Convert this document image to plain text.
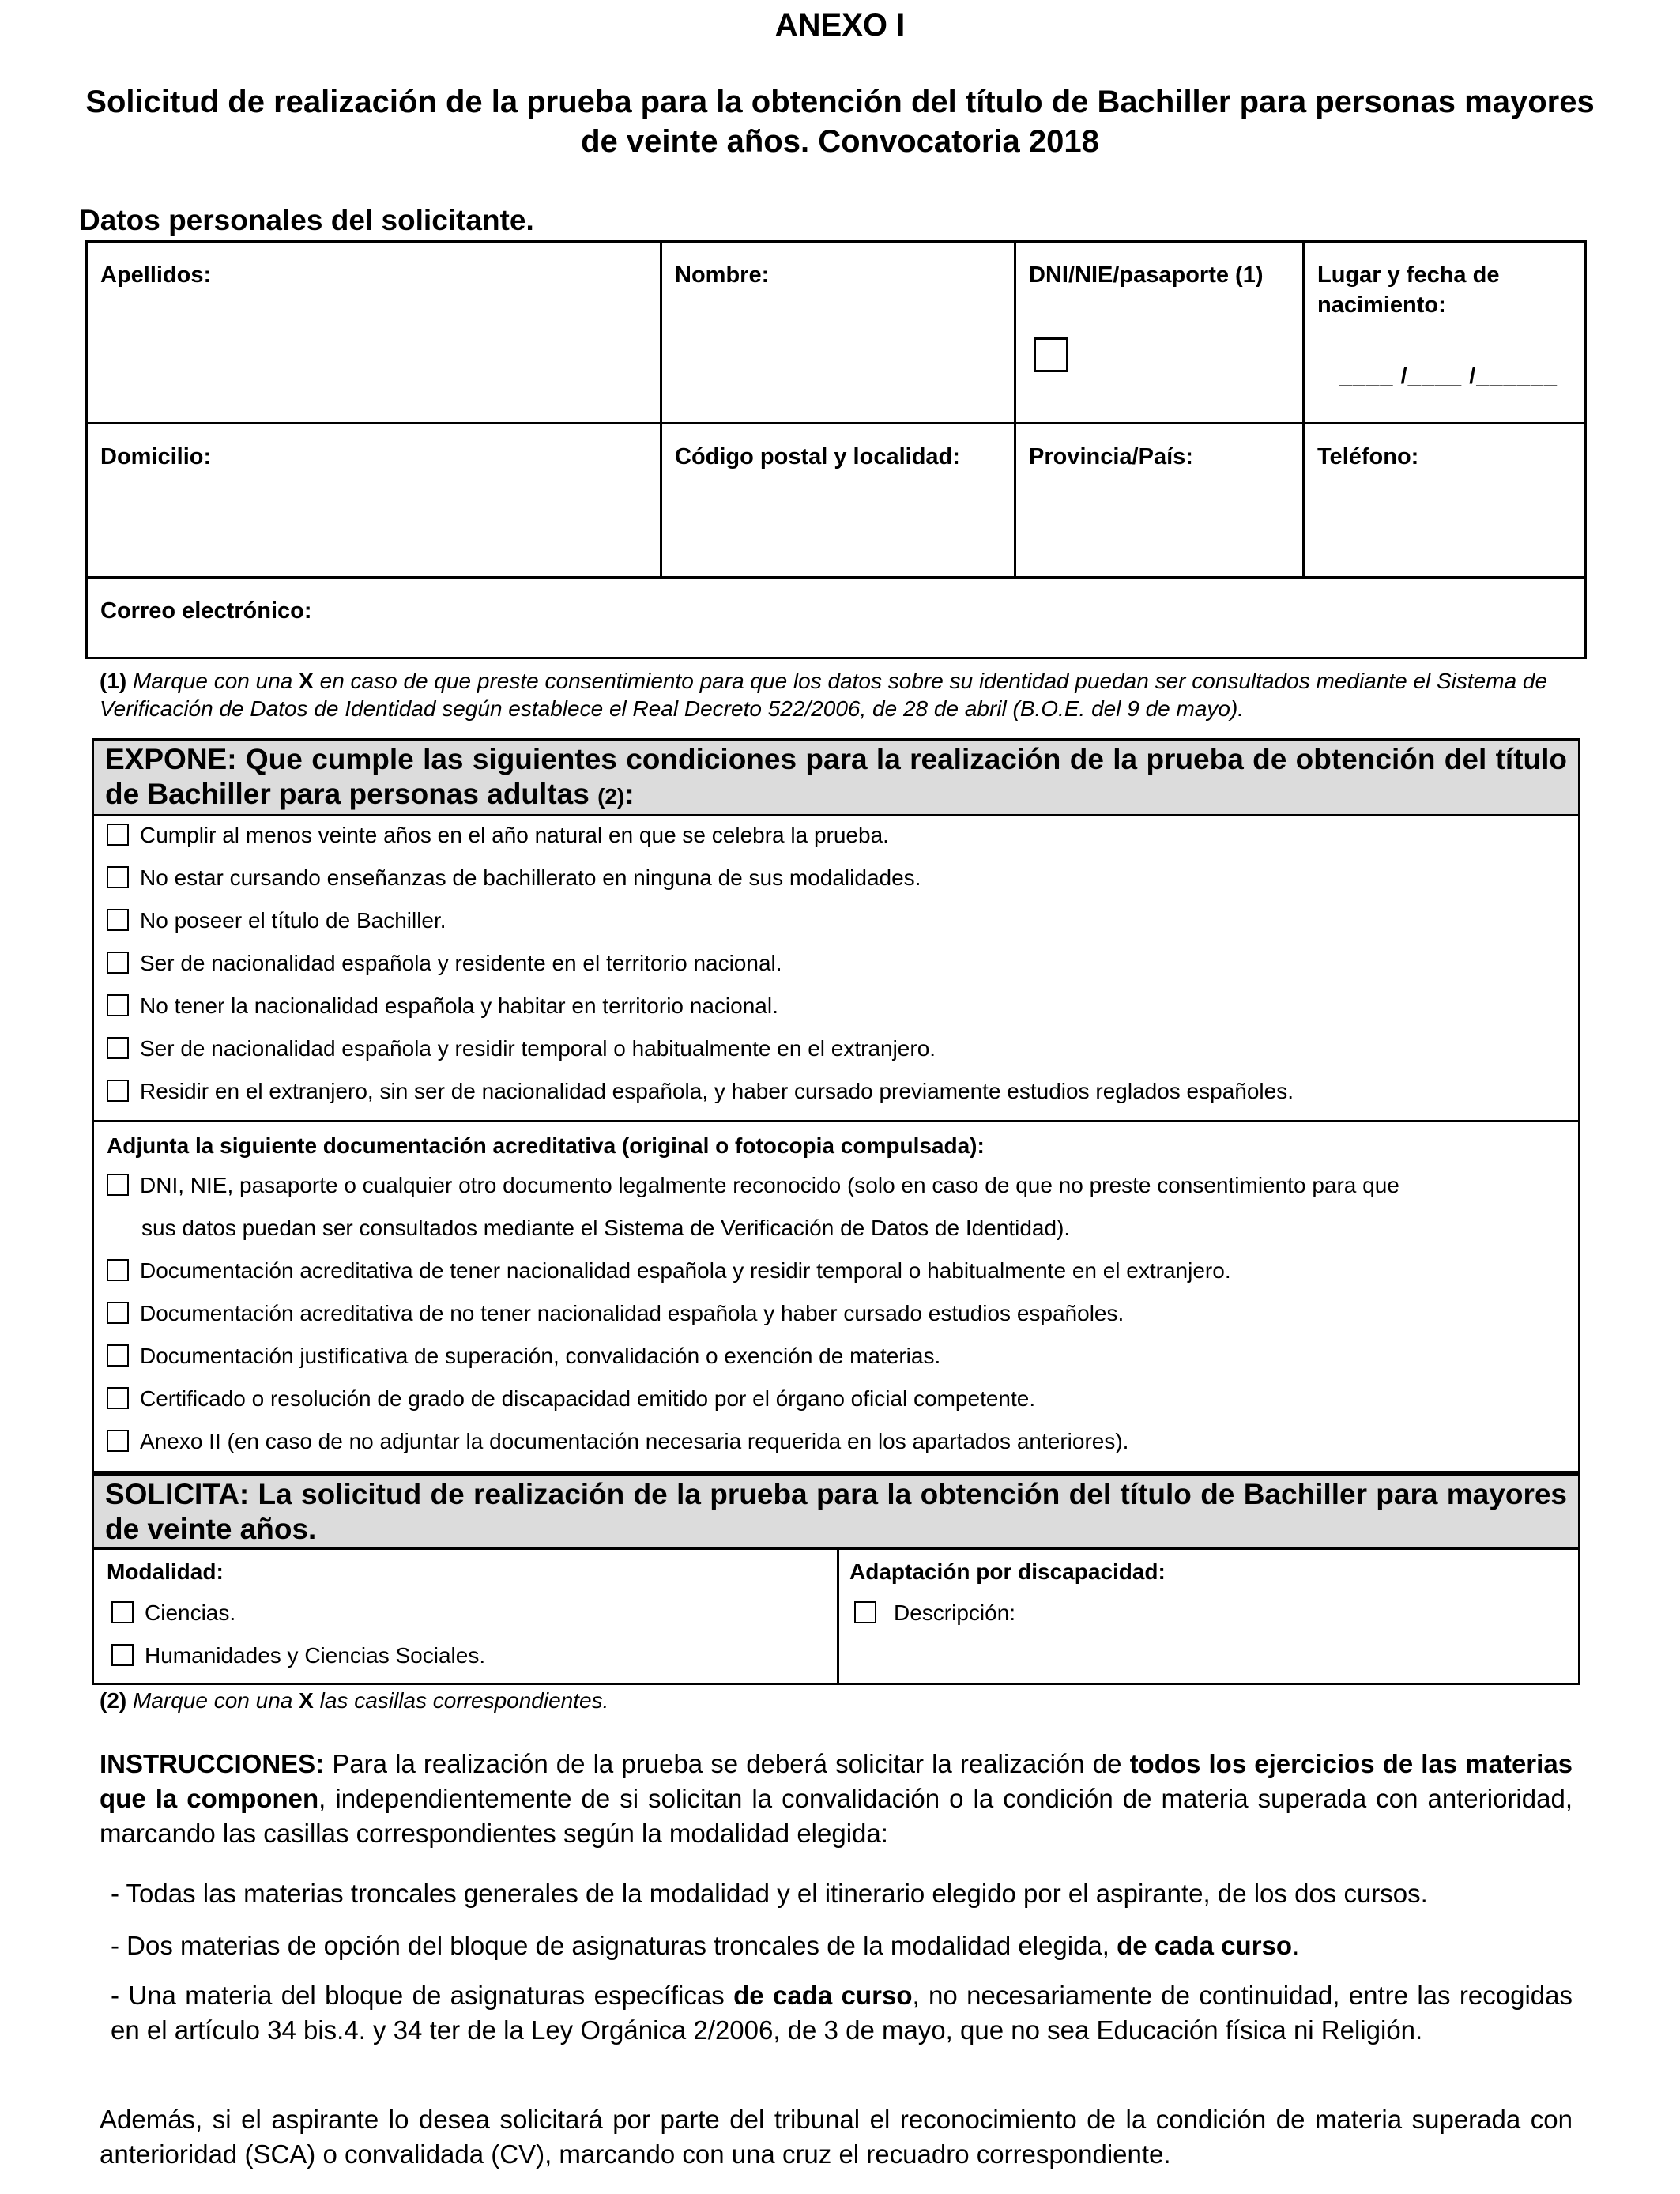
ANEXO I
Solicitud de realización de la prueba para la obtención del título de Bachiller para personas mayores de veinte años. Convocatoria 2018
Datos personales del solicitante.
Apellidos:	Nombre:	DNI/NIE/pasaporte (1)	Lugar y fecha de nacimiento:
____ /____ /______
Domicilio:	Código postal y localidad:	Provincia/País:	Teléfono:
Correo electrónico:
(1) Marque con una X en caso de que preste consentimiento para que los datos sobre su identidad puedan ser consultados mediante el Sistema de Verificación de Datos de Identidad según establece el Real Decreto 522/2006, de 28 de abril (B.O.E. del 9 de mayo).
EXPONE: Que cumple las siguientes condiciones para la realización de la prueba de obtención del título de Bachiller para personas adultas (2):
Cumplir al menos veinte años en el año natural en que se celebra la prueba.
No estar cursando enseñanzas de bachillerato en ninguna de sus modalidades.
No poseer el título de Bachiller.
Ser de nacionalidad española y residente en el territorio nacional.
No tener la nacionalidad española y habitar en territorio nacional.
Ser de nacionalidad española y residir temporal o habitualmente en el extranjero.
Residir en el extranjero, sin ser de nacionalidad española, y haber cursado previamente estudios reglados españoles.
Adjunta la siguiente documentación acreditativa (original o fotocopia compulsada):
DNI, NIE, pasaporte o cualquier otro documento legalmente reconocido (solo en caso de que no preste consentimiento para que
sus datos puedan ser consultados mediante el Sistema de Verificación de Datos de Identidad).
Documentación acreditativa de tener nacionalidad española y residir temporal o habitualmente en el extranjero.
Documentación acreditativa de no tener nacionalidad española y haber cursado estudios españoles.
Documentación justificativa de superación, convalidación o exención de materias.
Certificado o resolución de grado de discapacidad emitido por el órgano oficial competente.
Anexo II (en caso de no adjuntar la documentación necesaria requerida en los apartados anteriores).
SOLICITA: La solicitud de realización de la prueba para la obtención del título de Bachiller para mayores de veinte años.
Modalidad:
Ciencias.
Humanidades y Ciencias Sociales.
Adaptación por discapacidad:
Descripción:
(2) Marque con una X las casillas correspondientes.
INSTRUCCIONES: Para la realización de la prueba se deberá solicitar la realización de todos los ejercicios de las materias que la componen, independientemente de si solicitan la convalidación o la condición de materia superada con anterioridad, marcando las casillas correspondientes según la modalidad elegida:
- Todas las materias troncales generales de la modalidad y el itinerario elegido por el aspirante, de los dos cursos.
- Dos materias de opción del bloque de asignaturas troncales de la modalidad elegida, de cada curso.
- Una materia del bloque de asignaturas específicas de cada curso, no necesariamente de continuidad, entre las recogidas en el artículo 34 bis.4. y 34 ter de la Ley Orgánica 2/2006, de 3 de mayo, que no sea Educación física ni Religión.
Además, si el aspirante lo desea solicitará por parte del tribunal el reconocimiento de la condición de materia superada con anterioridad (SCA) o convalidada (CV), marcando con una cruz el recuadro correspondiente.
